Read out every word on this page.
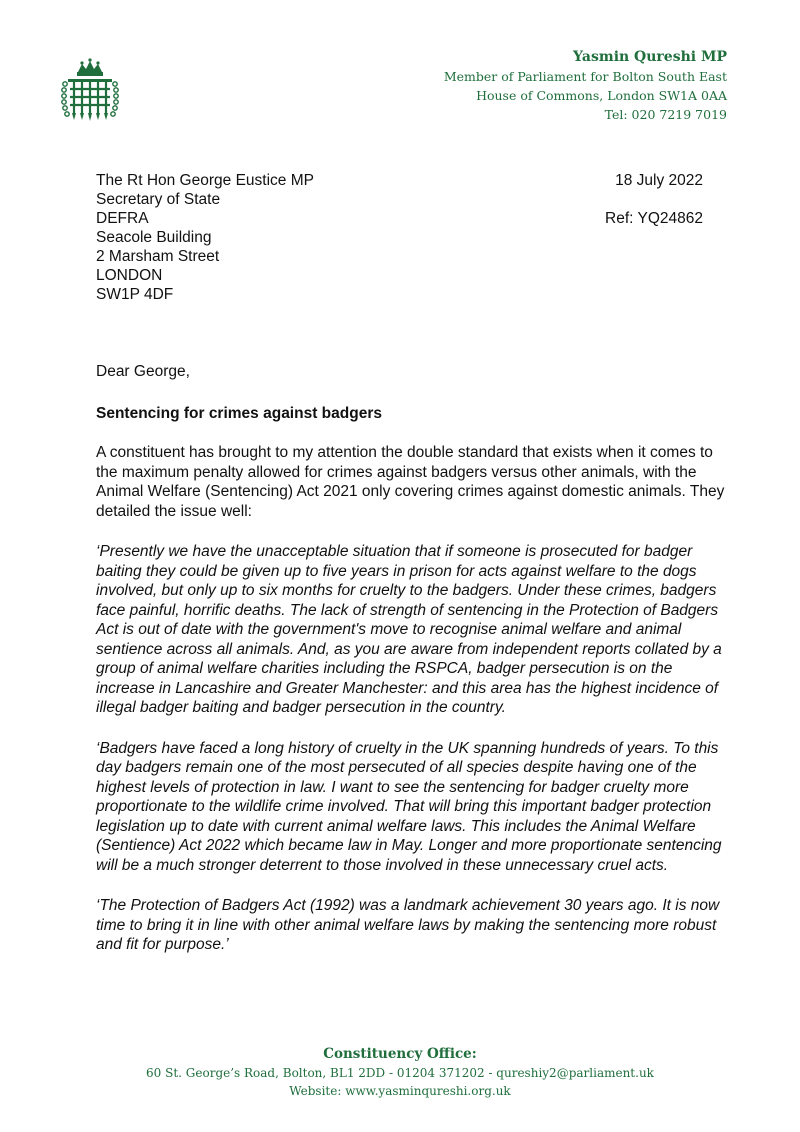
Yasmin Qureshi MP
Member of Parliament for Bolton South East
House of Commons, London SW1A 0AA
Tel: 020 7219 7019
The Rt Hon George Eustice MP
Secretary of State
DEFRA
Seacole Building
2 Marsham Street
LONDON
SW1P 4DF
18 July 2022
Ref: YQ24862

Dear George,

Sentencing for crimes against badgers

A constituent has brought to my attention the double standard that exists when it comes to the maximum penalty allowed for crimes against badgers versus other animals, with the Animal Welfare (Sentencing) Act 2021 only covering crimes against domestic animals. They detailed the issue well:

‘Presently we have the unacceptable situation that if someone is prosecuted for badger baiting they could be given up to five years in prison for acts against welfare to the dogs involved, but only up to six months for cruelty to the badgers. Under these crimes, badgers face painful, horrific deaths. The lack of strength of sentencing in the Protection of Badgers Act is out of date with the government's move to recognise animal welfare and animal sentience across all animals. And, as you are aware from independent reports collated by a group of animal welfare charities including the RSPCA, badger persecution is on the increase in Lancashire and Greater Manchester: and this area has the highest incidence of illegal badger baiting and badger persecution in the country.

‘Badgers have faced a long history of cruelty in the UK spanning hundreds of years. To this day badgers remain one of the most persecuted of all species despite having one of the highest levels of protection in law. I want to see the sentencing for badger cruelty more proportionate to the wildlife crime involved. That will bring this important badger protection legislation up to date with current animal welfare laws. This includes the Animal Welfare (Sentience) Act 2022 which became law in May. Longer and more proportionate sentencing will be a much stronger deterrent to those involved in these unnecessary cruel acts.

‘The Protection of Badgers Act (1992) was a landmark achievement 30 years ago. It is now time to bring it in line with other animal welfare laws by making the sentencing more robust and fit for purpose.’

Constituency Office:
60 St. George’s Road, Bolton, BL1 2DD - 01204 371202 - qureshiy2@parliament.uk
Website: www.yasminqureshi.org.uk
